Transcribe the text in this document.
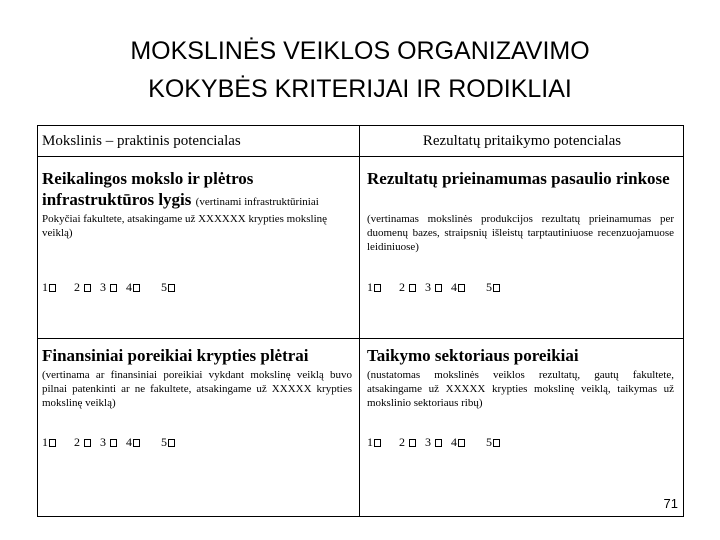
MOKSLINĖS VEIKLOS ORGANIZAVIMO
KOKYBĖS KRITERIJAI IR RODIKLIAI
Mokslinis – praktinis potencialas	Rezultatų pritaikymo potencialas
Reikalingos mokslo ir plėtros infrastruktūros lygis (vertinami infrastruktūriniai
Pokyčiai fakultete, atsakingame už XXXXXX krypties mokslinę veiklą)
1 2 3 4 5
Rezultatų prieinamumas pasaulio rinkose
(vertinamas mokslinės produkcijos rezultatų prieinamumas per duomenų bazes, straipsnių išleistų tarptautiniuose recenzuojamuose leidiniuose)
1 2 3 4 5
Finansiniai poreikiai krypties plėtrai
(vertinama ar finansiniai poreikiai vykdant mokslinę veiklą buvo pilnai patenkinti ar ne fakultete, atsakingame už XXXXX krypties mokslinę veiklą)
1 2 3 4 5
Taikymo sektoriaus poreikiai
(nustatomas mokslinės veiklos rezultatų, gautų fakultete, atsakingame už XXXXX krypties mokslinę veiklą, taikymas už mokslinio sektoriaus ribų)
1 2 3 4 5
71
